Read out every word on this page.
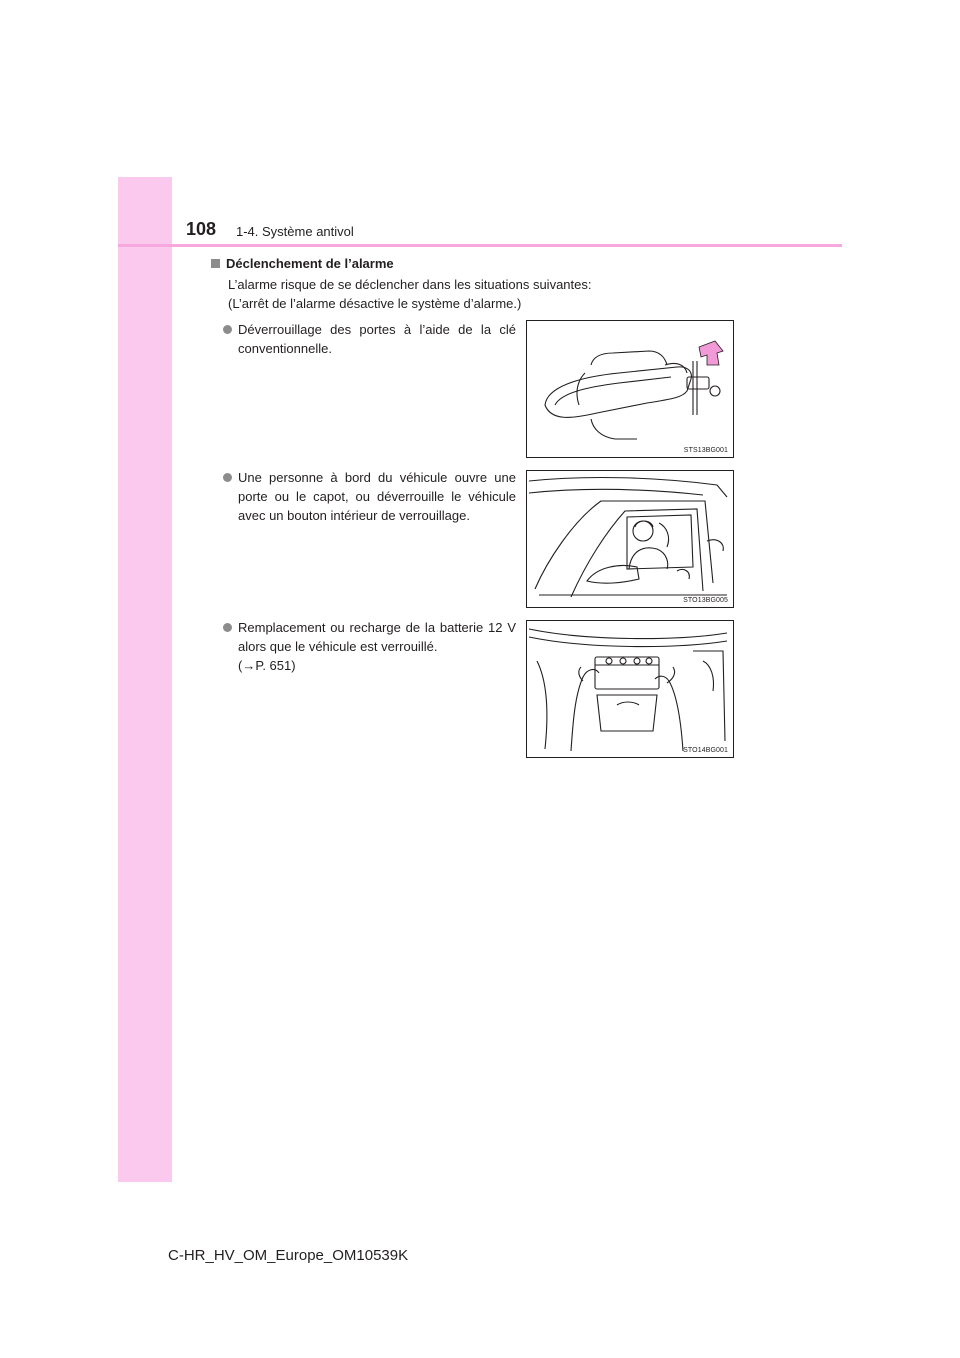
108 1-4. Système antivol
Déclenchement de l’alarme
L’alarme risque de se déclencher dans les situations suivantes:
(L’arrêt de l’alarme désactive le système d’alarme.)
Déverrouillage des portes à l’aide de la clé conventionnelle.
STS13BG001
Une personne à bord du véhicule ouvre une porte ou le capot, ou déverrouille le véhicule avec un bouton intérieur de verrouillage.
STO13BG005
Remplacement ou recharge de la batterie 12 V alors que le véhicule est verrouillé.
(→P. 651)
STO14BG001
C-HR_HV_OM_Europe_OM10539K
